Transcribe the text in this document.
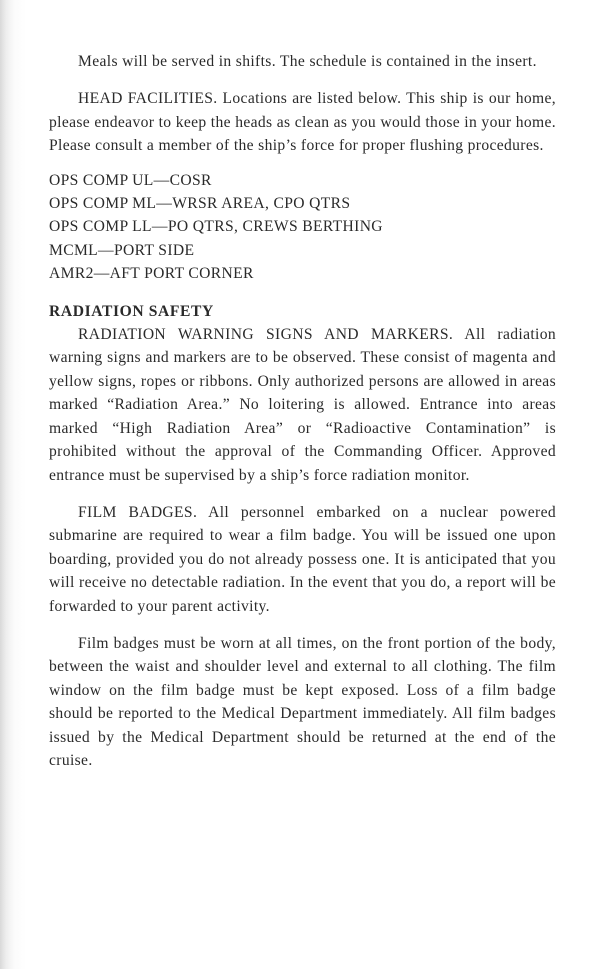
Meals will be served in shifts. The schedule is contained in the insert.

HEAD FACILITIES. Locations are listed below. This ship is our home, please endeavor to keep the heads as clean as you would those in your home. Please consult a member of the ship’s force for proper flushing procedures.

OPS COMP UL—COSR

OPS COMP ML—WRSR AREA, CPO QTRS

OPS COMP LL—PO QTRS, CREWS BERTHING

MCML—PORT SIDE

AMR2—AFT PORT CORNER

RADIATION SAFETY

RADIATION WARNING SIGNS AND MARKERS. All radiation warning signs and markers are to be observed. These consist of magenta and yellow signs, ropes or ribbons. Only authorized persons are allowed in areas marked “Radiation Area.” No loitering is allowed. Entrance into areas marked “High Radiation Area” or “Radioactive Contamination” is prohibited without the approval of the Commanding Officer. Approved entrance must be supervised by a ship’s force radiation monitor.

FILM BADGES. All personnel embarked on a nuclear powered submarine are required to wear a film badge. You will be issued one upon boarding, provided you do not already possess one. It is anticipated that you will receive no detectable radiation. In the event that you do, a report will be forwarded to your parent activity.

Film badges must be worn at all times, on the front portion of the body, between the waist and shoulder level and external to all clothing. The film window on the film badge must be kept exposed. Loss of a film badge should be reported to the Medical Department immediately. All film badges issued by the Medical Department should be returned at the end of the cruise.
